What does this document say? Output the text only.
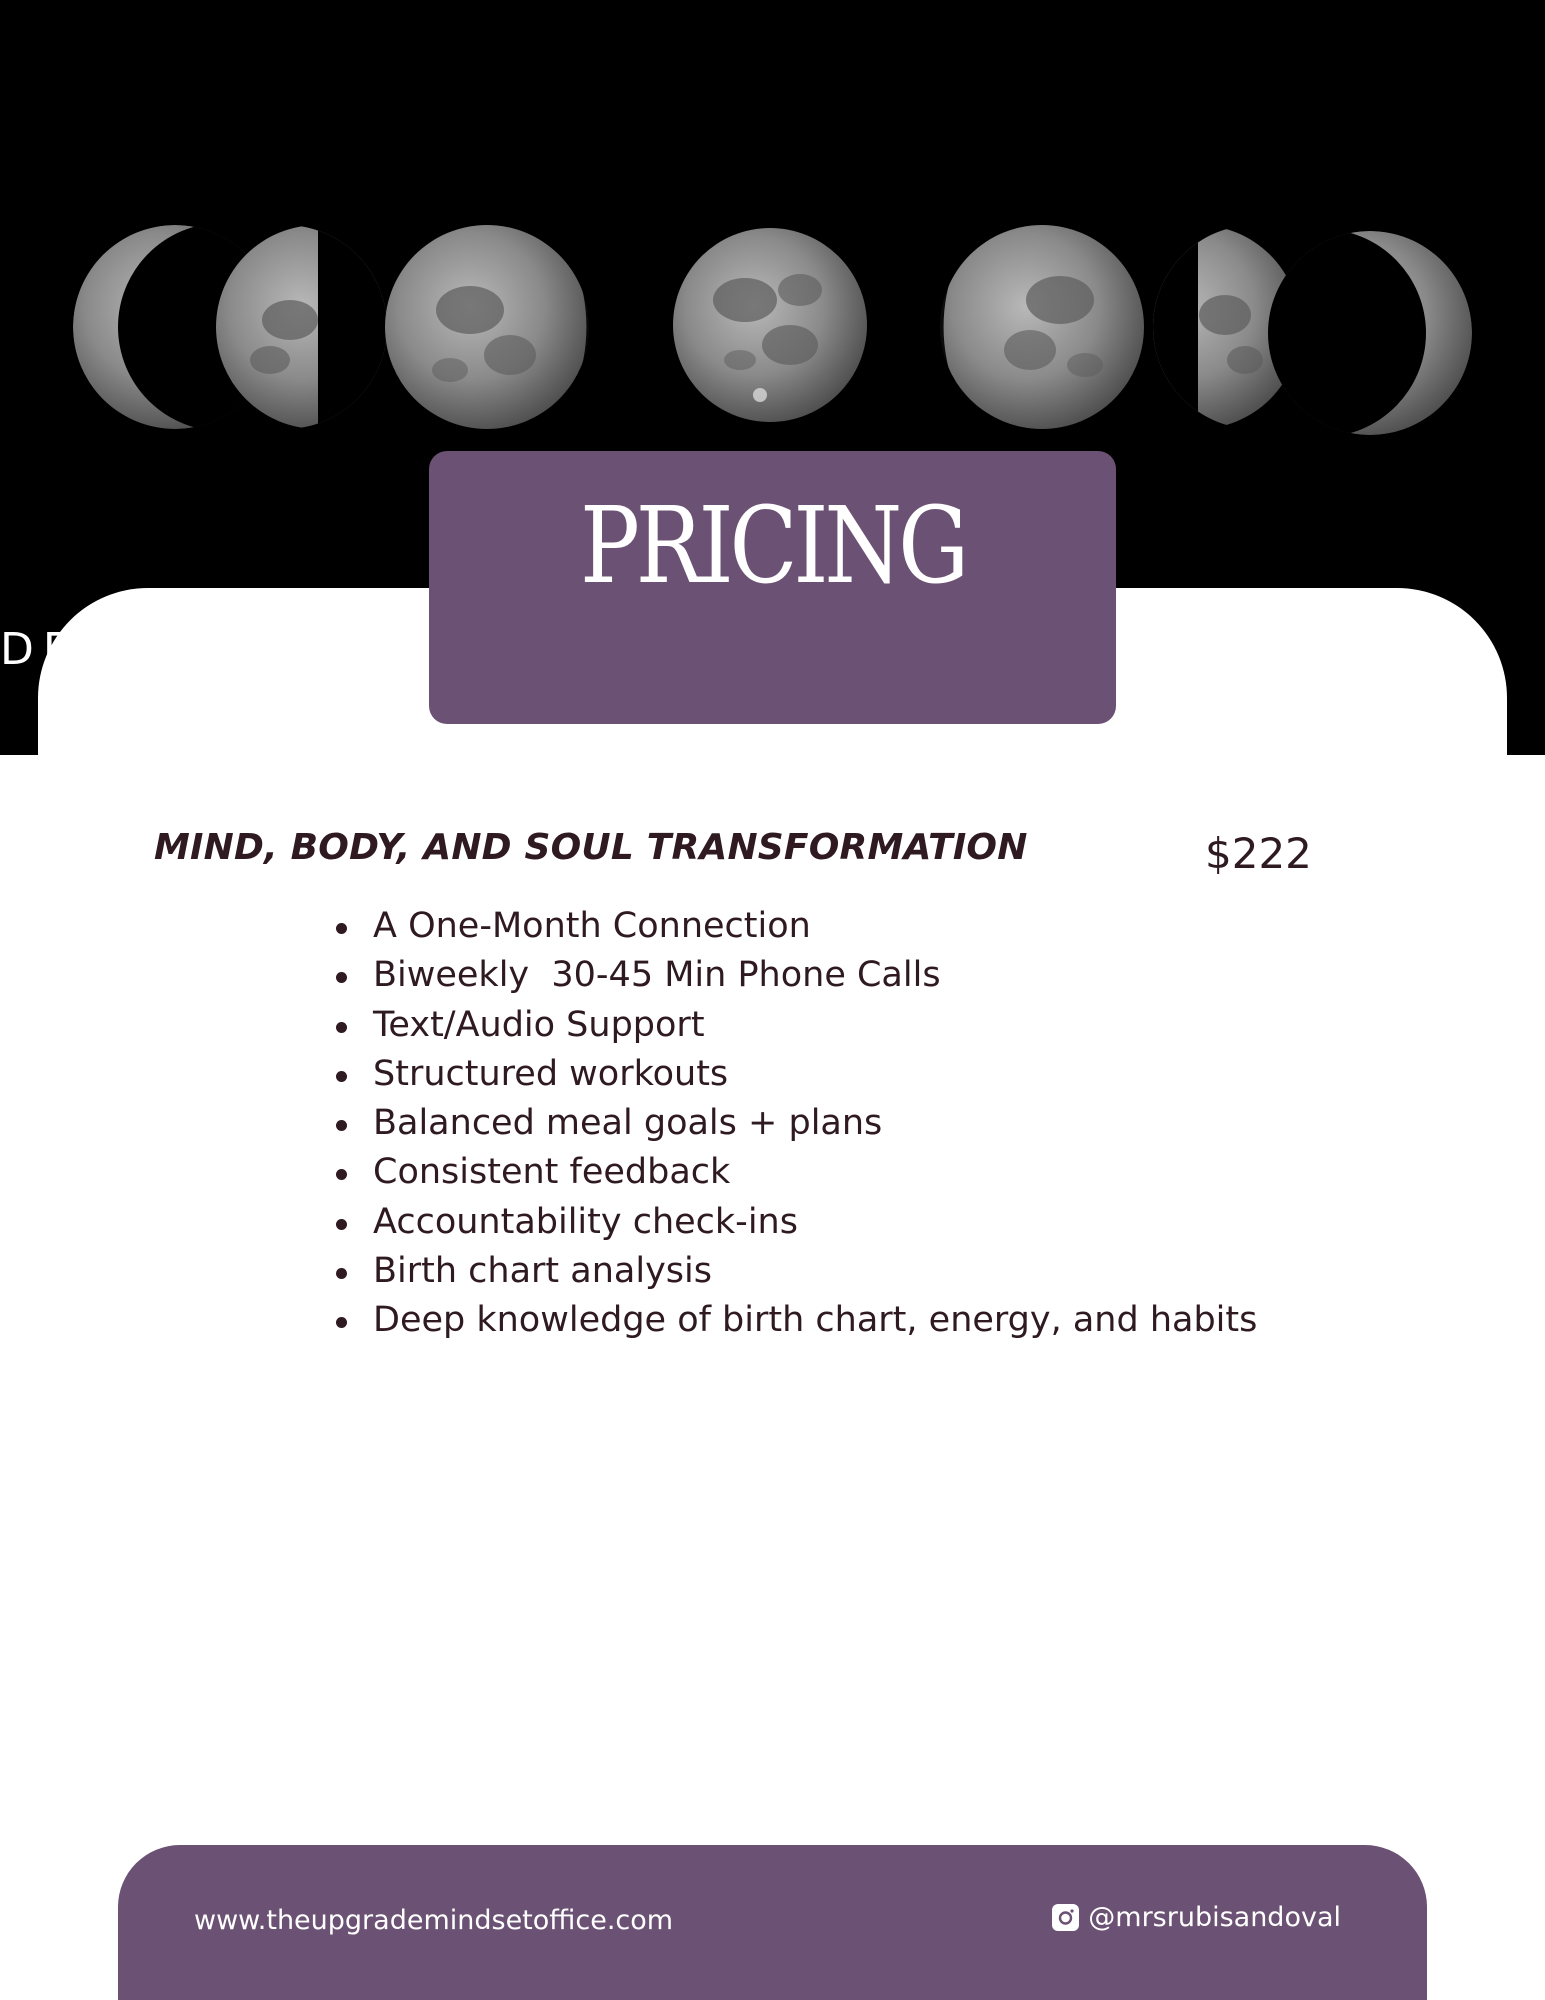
PRICING
DETAILS
MIND, BODY, AND SOUL TRANSFORMATION	$222
A One-Month Connection
Biweekly  30-45 Min Phone Calls
Text/Audio Support
Structured workouts
Balanced meal goals + plans
Consistent feedback
Accountability check-ins
Birth chart analysis
Deep knowledge of birth chart, energy, and habits
www.theupgrademindsetoffice.com	@mrsrubisandoval
